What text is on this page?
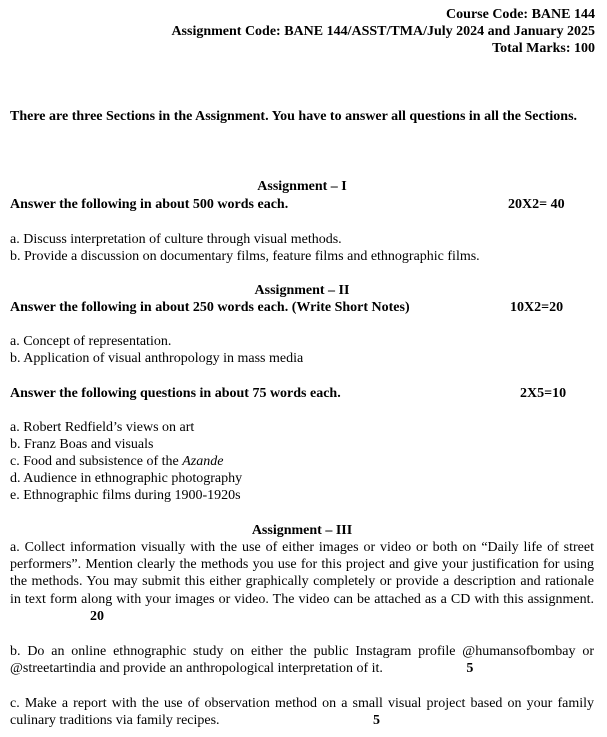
Course Code: BANE 144
Assignment Code: BANE 144/ASST/TMA/July 2024 and January 2025
Total Marks: 100
There are three Sections in the Assignment. You have to answer all questions in all the Sections.
Assignment – I
Answer the following in about 500 words each.	20X2= 40
a. Discuss interpretation of culture through visual methods.
b. Provide a discussion on documentary films, feature films and ethnographic films.
Assignment – II
Answer the following in about 250 words each. (Write Short Notes)	10X2=20
a. Concept of representation.
b. Application of visual anthropology in mass media
Answer the following questions in about 75 words each.	2X5=10
a. Robert Redfield’s views on art
b. Franz Boas and visuals
c. Food and subsistence of the Azande
d. Audience in ethnographic photography
e. Ethnographic films during 1900-1920s
Assignment – III
a. Collect information visually with the use of either images or video or both on “Daily life of street performers”. Mention clearly the methods you use for this project and give your justification for using the methods. You may submit this either graphically completely or provide a description and rationale in text form along with your images or video. The video can be attached as a CD with this assignment. 20
b. Do an online ethnographic study on either the public Instagram profile @humansofbombay or @streetartindia and provide an anthropological interpretation of it.	5
c. Make a report with the use of observation method on a small visual project based on your family culinary traditions via family recipes.	5
